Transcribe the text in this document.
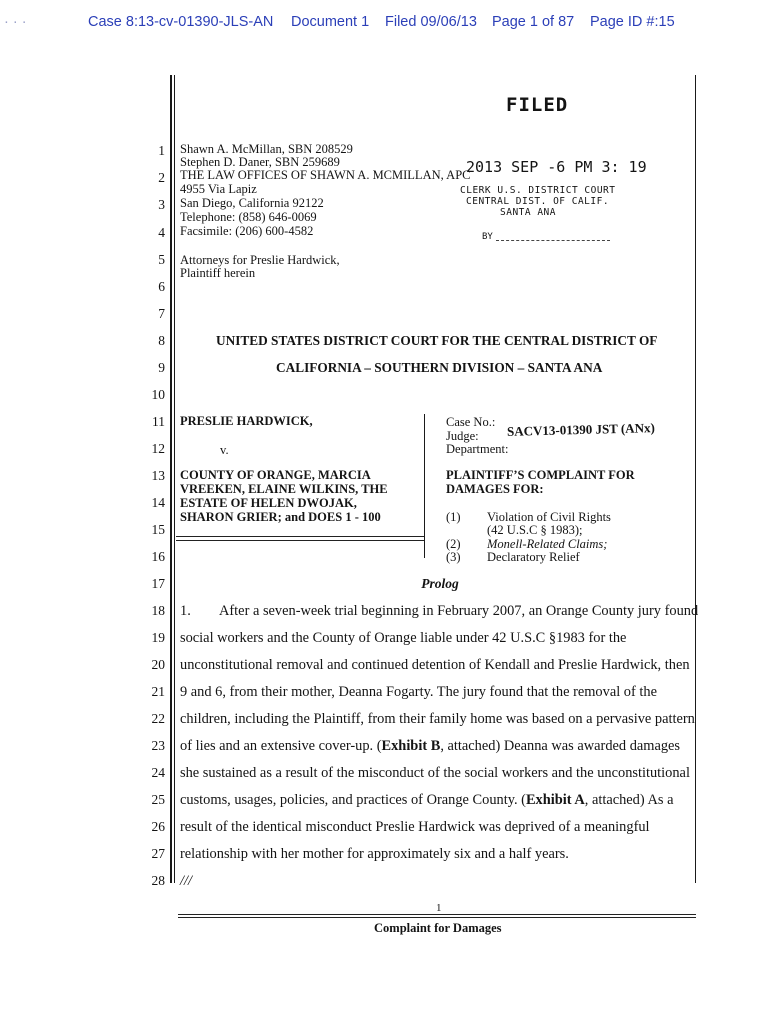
· · ·	Case 8:13-cv-01390-JLS-AN Document 1 Filed 09/06/13 Page 1 of 87 Page ID #:15
1
2
3
4
5
6
7
8
9
10
11
12
13
14
15
16
17
18
19
20
21
22
23
24
25
26
27
28
FILED
2013 SEP -6 PM 3: 19
CLERK U.S. DISTRICT COURT
CENTRAL DIST. OF CALIF.
SANTA ANA
BY
Shawn A. McMillan, SBN 208529
Stephen D. Daner, SBN 259689
THE LAW OFFICES OF SHAWN A. MCMILLAN, APC
4955 Via Lapiz
San Diego, California 92122
Telephone: (858) 646-0069
Facsimile: (206) 600-4582
Attorneys for Preslie Hardwick,
Plaintiff herein
UNITED STATES DISTRICT COURT FOR THE CENTRAL DISTRICT OF
CALIFORNIA – SOUTHERN DIVISION – SANTA ANA
PRESLIE HARDWICK,
v.
COUNTY OF ORANGE, MARCIA
VREEKEN, ELAINE WILKINS, THE
ESTATE OF HELEN DWOJAK,
SHARON GRIER; and DOES 1 - 100
Case No.:
Judge:
Department:
SACV13-01390 JST (ANx)
PLAINTIFF’S COMPLAINT FOR
DAMAGES FOR:
(1) Violation of Civil Rights
(42 U.S.C § 1983);
(2) Monell-Related Claims;
(3) Declaratory Relief
Prolog
1. After a seven-week trial beginning in February 2007, an Orange County jury found
social workers and the County of Orange liable under 42 U.S.C §1983 for the
unconstitutional removal and continued detention of Kendall and Preslie Hardwick, then
9 and 6, from their mother, Deanna Fogarty. The jury found that the removal of the
children, including the Plaintiff, from their family home was based on a pervasive pattern
of lies and an extensive cover-up. (Exhibit B, attached) Deanna was awarded damages
she sustained as a result of the misconduct of the social workers and the unconstitutional
customs, usages, policies, and practices of Orange County. (Exhibit A, attached) As a
result of the identical misconduct Preslie Hardwick was deprived of a meaningful
relationship with her mother for approximately six and a half years.
///
1
Complaint for Damages
